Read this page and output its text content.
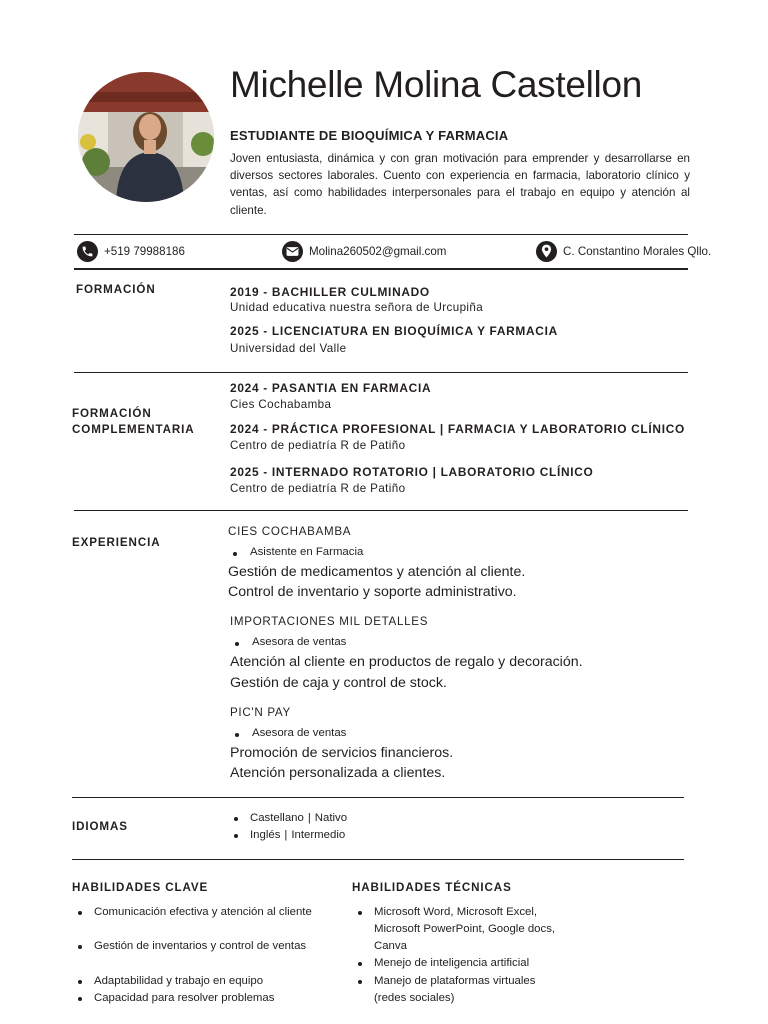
Michelle Molina Castellon
ESTUDIANTE DE BIOQUÍMICA Y FARMACIA
Joven entusiasta, dinámica y con gran motivación para emprender y desarrollarse en diversos sectores laborales. Cuento con experiencia en farmacia, laboratorio clínico y ventas, así como habilidades interpersonales para el trabajo en equipo y atención al cliente.
+519 79988186	Molina260502@gmail.com	C. Constantino Morales Qllo.
FORMACIÓN	2019 - BACHILLER CULMINADO
Unidad educativa nuestra señora de Urcupiña
2025 - LICENCIATURA EN BIOQUÍMICA Y FARMACIA
Universidad del Valle
FORMACIÓN
COMPLEMENTARIA
2024 - PASANTIA EN FARMACIA
Cies Cochabamba
2024 - PRÁCTICA PROFESIONAL | FARMACIA Y LABORATORIO CLÍNICO
Centro de pediatría R de Patiño
2025 - INTERNADO ROTATORIO | LABORATORIO CLÍNICO
Centro de pediatría R de Patiño
EXPERIENCIA
CIES COCHABAMBA
Asistente en Farmacia
Gestión de medicamentos y atención al cliente.
Control de inventario y soporte administrativo.
IMPORTACIONES MIL DETALLES
Asesora de ventas
Atención al cliente en productos de regalo y decoración.
Gestión de caja y control de stock.
PIC'N PAY
Asesora de ventas
Promoción de servicios financieros.
Atención personalizada a clientes.
IDIOMAS
Castellano | Nativo
Inglés | Intermedio
HABILIDADES CLAVE
Comunicación efectiva y atención al cliente
Gestión de inventarios y control de ventas
Adaptabilidad y trabajo en equipo
Capacidad para resolver problemas
HABILIDADES TÉCNICAS
Microsoft Word, Microsoft Excel, Microsoft PowerPoint, Google docs, Canva
Menejo de inteligencia artificial
Manejo de plataformas virtuales (redes sociales)
